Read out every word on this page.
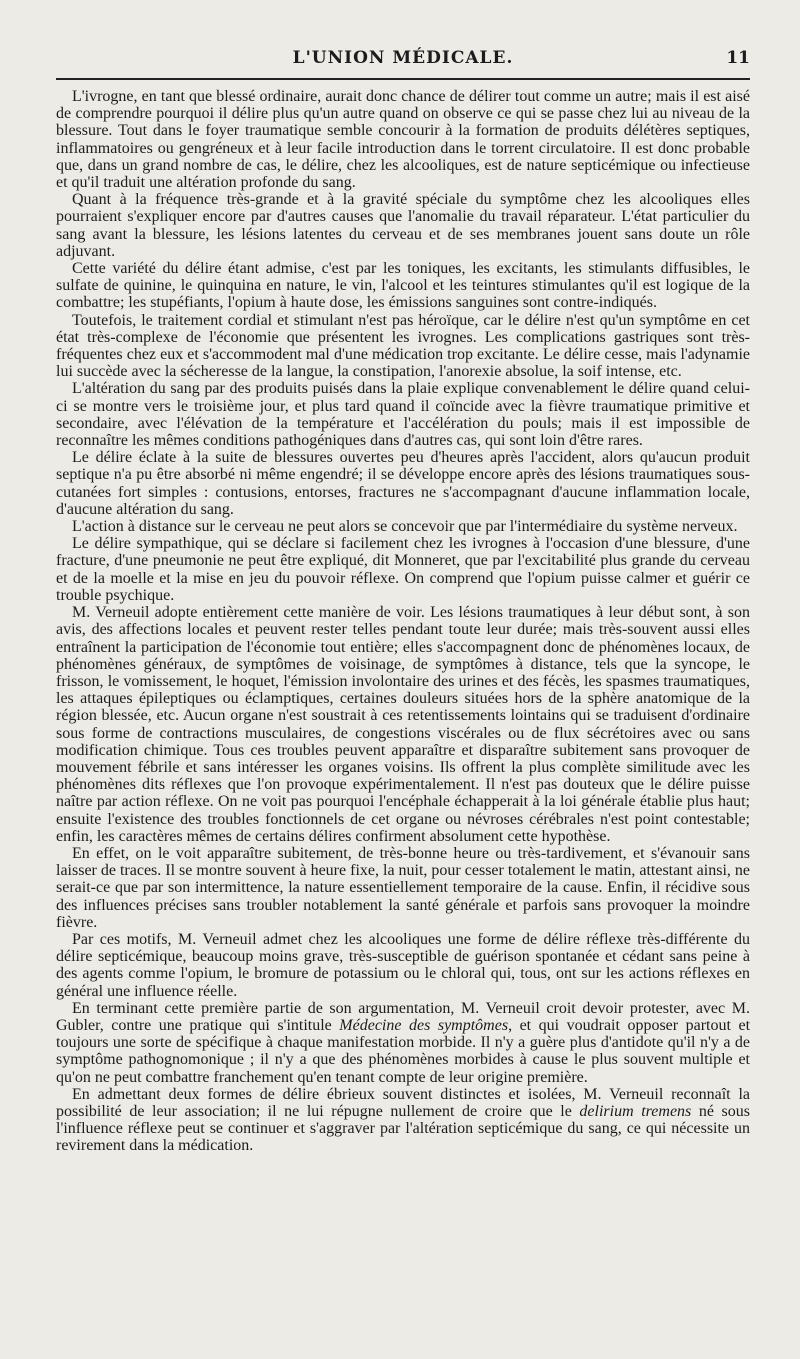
L'UNION MÉDICALE.	11

L'ivrogne, en tant que blessé ordinaire, aurait donc chance de délirer tout comme un autre; mais il est aisé de comprendre pourquoi il délire plus qu'un autre quand on observe ce qui se passe chez lui au niveau de la blessure. Tout dans le foyer traumatique semble concourir à la formation de produits délétères septiques, inflammatoires ou gengréneux et à leur facile introduction dans le torrent circulatoire. Il est donc probable que, dans un grand nombre de cas, le délire, chez les alcooliques, est de nature septicémique ou infectieuse et qu'il traduit une altération profonde du sang.

Quant à la fréquence très-grande et à la gravité spéciale du symptôme chez les alcooliques elles pourraient s'expliquer encore par d'autres causes que l'anomalie du travail réparateur. L'état particulier du sang avant la blessure, les lésions latentes du cerveau et de ses membranes jouent sans doute un rôle adjuvant.

Cette variété du délire étant admise, c'est par les toniques, les excitants, les stimulants diffusibles, le sulfate de quinine, le quinquina en nature, le vin, l'alcool et les teintures stimulantes qu'il est logique de la combattre; les stupéfiants, l'opium à haute dose, les émissions sanguines sont contre-indiqués.

Toutefois, le traitement cordial et stimulant n'est pas héroïque, car le délire n'est qu'un symptôme en cet état très-complexe de l'économie que présentent les ivrognes. Les complications gastriques sont très-fréquentes chez eux et s'accommodent mal d'une médication trop excitante. Le délire cesse, mais l'adynamie lui succède avec la sécheresse de la langue, la constipation, l'anorexie absolue, la soif intense, etc.

L'altération du sang par des produits puisés dans la plaie explique convenablement le délire quand celui-ci se montre vers le troisième jour, et plus tard quand il coïncide avec la fièvre traumatique primitive et secondaire, avec l'élévation de la température et l'accélération du pouls; mais il est impossible de reconnaître les mêmes conditions pathogéniques dans d'autres cas, qui sont loin d'être rares.

Le délire éclate à la suite de blessures ouvertes peu d'heures après l'accident, alors qu'aucun produit septique n'a pu être absorbé ni même engendré; il se développe encore après des lésions traumatiques sous-cutanées fort simples : contusions, entorses, fractures ne s'accompagnant d'aucune inflammation locale, d'aucune altération du sang.

L'action à distance sur le cerveau ne peut alors se concevoir que par l'intermédiaire du système nerveux.

Le délire sympathique, qui se déclare si facilement chez les ivrognes à l'occasion d'une blessure, d'une fracture, d'une pneumonie ne peut être expliqué, dit Monneret, que par l'excitabilité plus grande du cerveau et de la moelle et la mise en jeu du pouvoir réflexe. On comprend que l'opium puisse calmer et guérir ce trouble psychique.

M. Verneuil adopte entièrement cette manière de voir. Les lésions traumatiques à leur début sont, à son avis, des affections locales et peuvent rester telles pendant toute leur durée; mais très-souvent aussi elles entraînent la participation de l'économie tout entière; elles s'accompagnent donc de phénomènes locaux, de phénomènes généraux, de symptômes de voisinage, de symptômes à distance, tels que la syncope, le frisson, le vomissement, le hoquet, l'émission involontaire des urines et des fécès, les spasmes traumatiques, les attaques épileptiques ou éclamptiques, certaines douleurs situées hors de la sphère anatomique de la région blessée, etc. Aucun organe n'est soustrait à ces retentissements lointains qui se traduisent d'ordinaire sous forme de contractions musculaires, de congestions viscérales ou de flux sécrétoires avec ou sans modification chimique. Tous ces troubles peuvent apparaître et disparaître subitement sans provoquer de mouvement fébrile et sans intéresser les organes voisins. Ils offrent la plus complète similitude avec les phénomènes dits réflexes que l'on provoque expérimentalement. Il n'est pas douteux que le délire puisse naître par action réflexe. On ne voit pas pourquoi l'encéphale échapperait à la loi générale établie plus haut; ensuite l'existence des troubles fonctionnels de cet organe ou névroses cérébrales n'est point contestable; enfin, les caractères mêmes de certains délires confirment absolument cette hypothèse.

En effet, on le voit apparaître subitement, de très-bonne heure ou très-tardivement, et s'évanouir sans laisser de traces. Il se montre souvent à heure fixe, la nuit, pour cesser totalement le matin, attestant ainsi, ne serait-ce que par son intermittence, la nature essentiellement temporaire de la cause. Enfin, il récidive sous des influences précises sans troubler notablement la santé générale et parfois sans provoquer la moindre fièvre.

Par ces motifs, M. Verneuil admet chez les alcooliques une forme de délire réflexe très-différente du délire septicémique, beaucoup moins grave, très-susceptible de guérison spontanée et cédant sans peine à des agents comme l'opium, le bromure de potassium ou le chloral qui, tous, ont sur les actions réflexes en général une influence réelle.

En terminant cette première partie de son argumentation, M. Verneuil croit devoir protester, avec M. Gubler, contre une pratique qui s'intitule Médecine des symptômes, et qui voudrait opposer partout et toujours une sorte de spécifique à chaque manifestation morbide. Il n'y a guère plus d'antidote qu'il n'y a de symptôme pathognomonique ; il n'y a que des phénomènes morbides à cause le plus souvent multiple et qu'on ne peut combattre franchement qu'en tenant compte de leur origine première.

En admettant deux formes de délire ébrieux souvent distinctes et isolées, M. Verneuil reconnaît la possibilité de leur association; il ne lui répugne nullement de croire que le delirium tremens né sous l'influence réflexe peut se continuer et s'aggraver par l'altération septicémique du sang, ce qui nécessite un revirement dans la médication.
